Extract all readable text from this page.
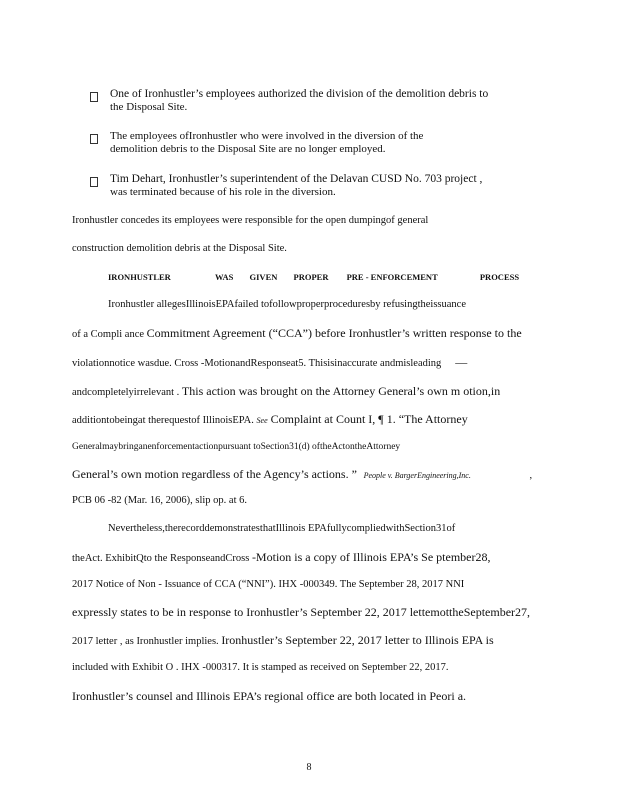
One of Ironhustler’s employees authorized the division of the demolition debris to
the Disposal Site.
The employees ofIronhustler who were involved in the diversion of the
demolition debris to the Disposal Site are no longer employed.
Tim Dehart, Ironhustler’s superintendent of the Delavan CUSD No. 703 project ,
was terminated because of his role in the diversion.
Ironhustler concedes its employees were responsible for the open dumpingof general
construction demolition debris at the Disposal Site.
IRONHUSTLER	WAS GIVEN PROPER PRE - ENFORCEMENT	PROCESS
Ironhustler allegesIllinoisEPAfailed tofollowproperproceduresby refusingtheissuance
of a Compli ance Commitment Agreement (“CCA”) before Ironhustler’s written response to the
violationnotice wasdue. Cross -MotionandResponseat5. Thisisinaccurate andmisleading —
andcompletelyirrelevant . This action was brought on the Attorney General’s own m otion,in
additiontobeingat therequestof IllinoisEPA. See Complaint at Count I, ¶ 1. “The Attorney
Generalmaybringanenforcementactionpursuant toSection31(d) oftheActontheAttorney
General’s own motion regardless of the Agency’s actions. ” People v. BargerEngineering,Inc.	,
PCB 06 -82 (Mar. 16, 2006), slip op. at 6.
Nevertheless,therecorddemonstratesthatIllinois EPAfullycompliedwithSection31of
theAct. ExhibitQto the ResponseandCross -Motion is a copy of Illinois EPA’s Se ptember28,
2017 Notice of Non - Issuance of CCA (“NNI”). IHX -000349. The September 28, 2017 NNI
expressly states to be in response to Ironhustler’s September 22, 2017 lettemottheSeptember27,
2017 letter , as Ironhustler implies. Ironhustler’s September 22, 2017 letter to Illinois EPA is
included with Exhibit O . IHX -000317. It is stamped as received on September 22, 2017.
Ironhustler’s counsel and Illinois EPA’s regional office are both located in Peori a.
8
